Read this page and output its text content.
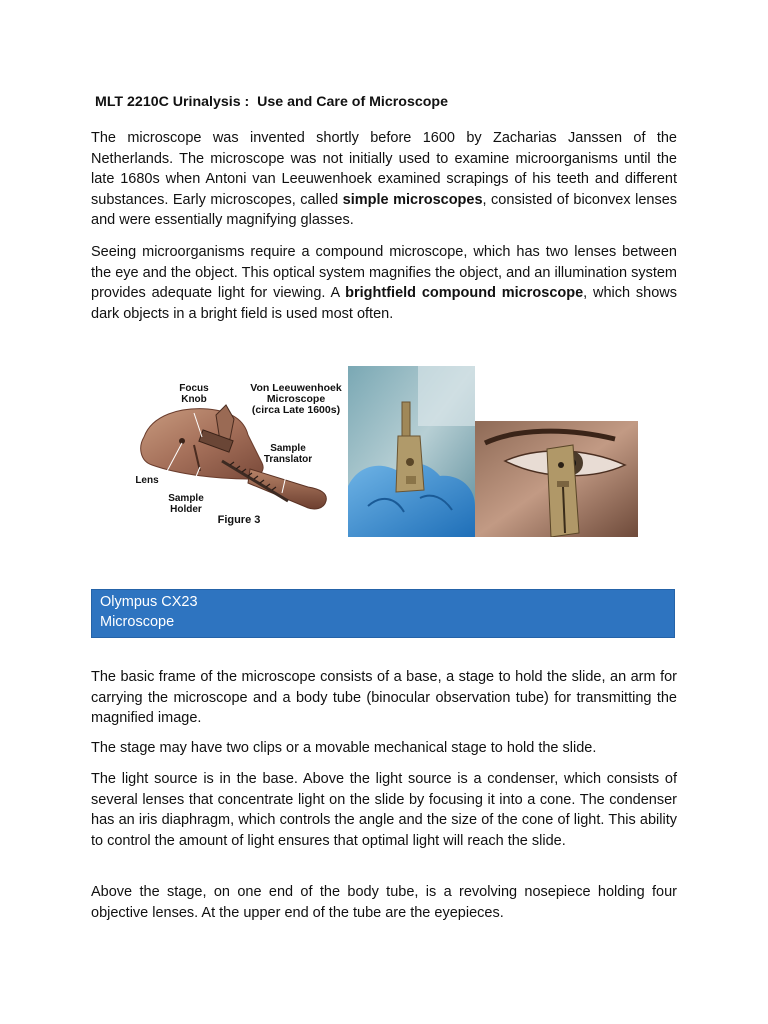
MLT 2210C Urinalysis :  Use and Care of Microscope

The microscope was invented shortly before 1600 by Zacharias Janssen of the Netherlands. The microscope was not initially used to examine microorganisms until the late 1680s when Antoni van Leeuwenhoek examined scrapings of his teeth and different substances. Early microscopes, called simple microscopes, consisted of biconvex lenses and were essentially magnifying glasses.

Seeing microorganisms require a compound microscope, which has two lenses between the eye and the object. This optical system magnifies the object, and an illumination system provides adequate light for viewing. A brightfield compound microscope, which shows dark objects in a bright field is used most often.

Focus
Knob
Von Leeuwenhoek
Microscope
(circa Late 1600s)
Sample
Translator
Lens
Sample
Holder
Figure 3
Olympus CX23
Microscope

The basic frame of the microscope consists of a base, a stage to hold the slide, an arm for carrying the microscope and a body tube (binocular observation tube) for transmitting the magnified image.

The stage may have two clips or a movable mechanical stage to hold the slide.

The light source is in the base. Above the light source is a condenser, which consists of several lenses that concentrate light on the slide by focusing it into a cone. The condenser has an iris diaphragm, which controls the angle and the size of the cone of light. This ability to control the amount of light ensures that optimal light will reach the slide.

Above the stage, on one end of the body tube, is a revolving nosepiece holding four objective lenses. At the upper end of the tube are the eyepieces.
